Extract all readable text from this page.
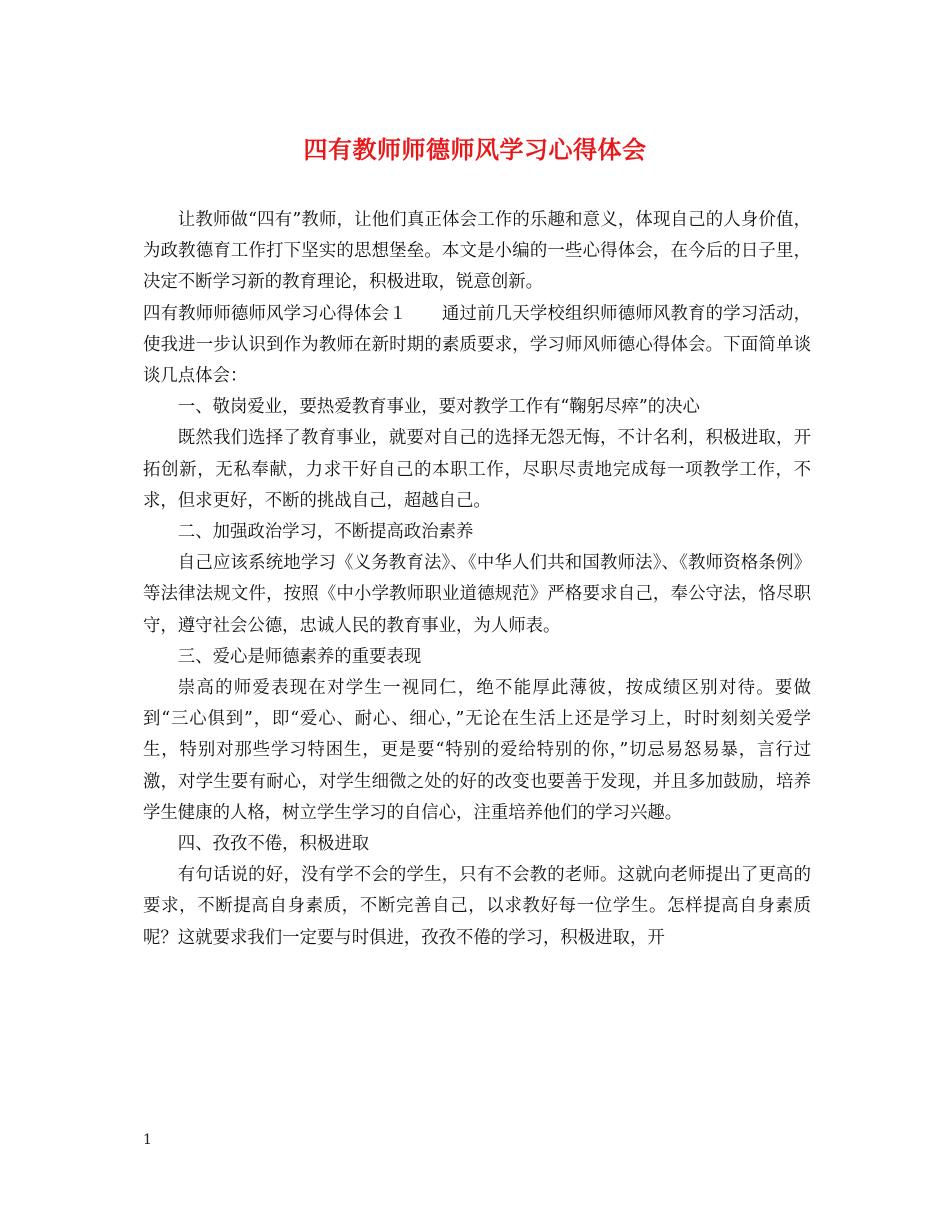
四有教师师德师风学习心得体会

让教师做“四有”教师，让他们真正体会工作的乐趣和意义，体现自己的人身价值，为政教德育工作打下坚实的思想堡垒。本文是小编的一些心得体会，在今后的日子里，决定不断学习新的教育理论，积极进取，锐意创新。

四有教师师德师风学习心得体会１　　通过前几天学校组织师德师风教育的学习活动，使我进一步认识到作为教师在新时期的素质要求，学习师风师德心得体会。下面简单谈谈几点体会：

一、敬岗爱业，要热爱教育事业，要对教学工作有“鞠躬尽瘁”的决心

既然我们选择了教育事业，就要对自己的选择无怨无悔，不计名利，积极进取，开拓创新，无私奉献，力求干好自己的本职工作，尽职尽责地完成每一项教学工作，不求，但求更好，不断的挑战自己，超越自己。

二、加强政治学习，不断提高政治素养

自己应该系统地学习《义务教育法》、《中华人们共和国教师法》、《教师资格条例》等法律法规文件，按照《中小学教师职业道德规范》严格要求自己，奉公守法，恪尽职守，遵守社会公德，忠诚人民的教育事业，为人师表。

三、爱心是师德素养的重要表现

崇高的师爱表现在对学生一视同仁，绝不能厚此薄彼，按成绩区别对待。要做到“三心俱到”，即“爱心、耐心、细心，”无论在生活上还是学习上，时时刻刻关爱学生，特别对那些学习特困生，更是要“特别的爱给特别的你，”切忌易怒易暴，言行过激，对学生要有耐心，对学生细微之处的好的改变也要善于发现，并且多加鼓励，培养学生健康的人格，树立学生学习的自信心，注重培养他们的学习兴趣。

四、孜孜不倦，积极进取

有句话说的好，没有学不会的学生，只有不会教的老师。这就向老师提出了更高的要求，不断提高自身素质，不断完善自己，以求教好每一位学生。怎样提高自身素质呢？这就要求我们一定要与时俱进，孜孜不倦的学习，积极进取，开

1
